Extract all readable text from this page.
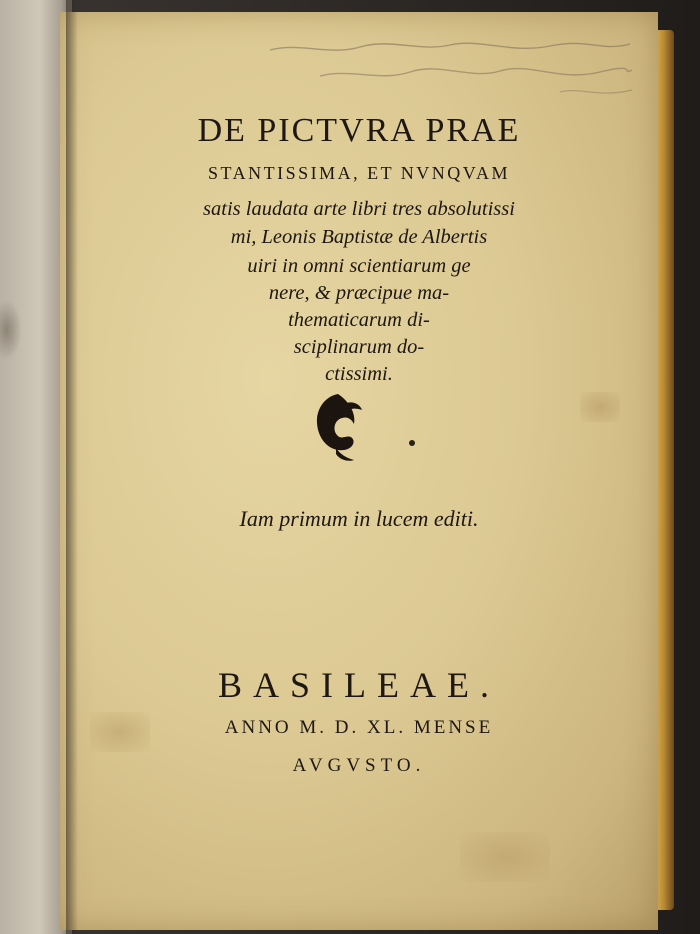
DE PICTVRA PRAE
STANTISSIMA, ET NVNQVAM
satis laudata arte libri tres absolutissi
mi, Leonis Baptistæ de Albertis
uiri in omni scientiarum ge
nere, & præcipue ma-
thematicarum di-
sciplinarum do-
ctissimi.
Iam primum in lucem editi.
BASILEAE.
ANNO M. D. XL. MENSE
AVGVSTO.
